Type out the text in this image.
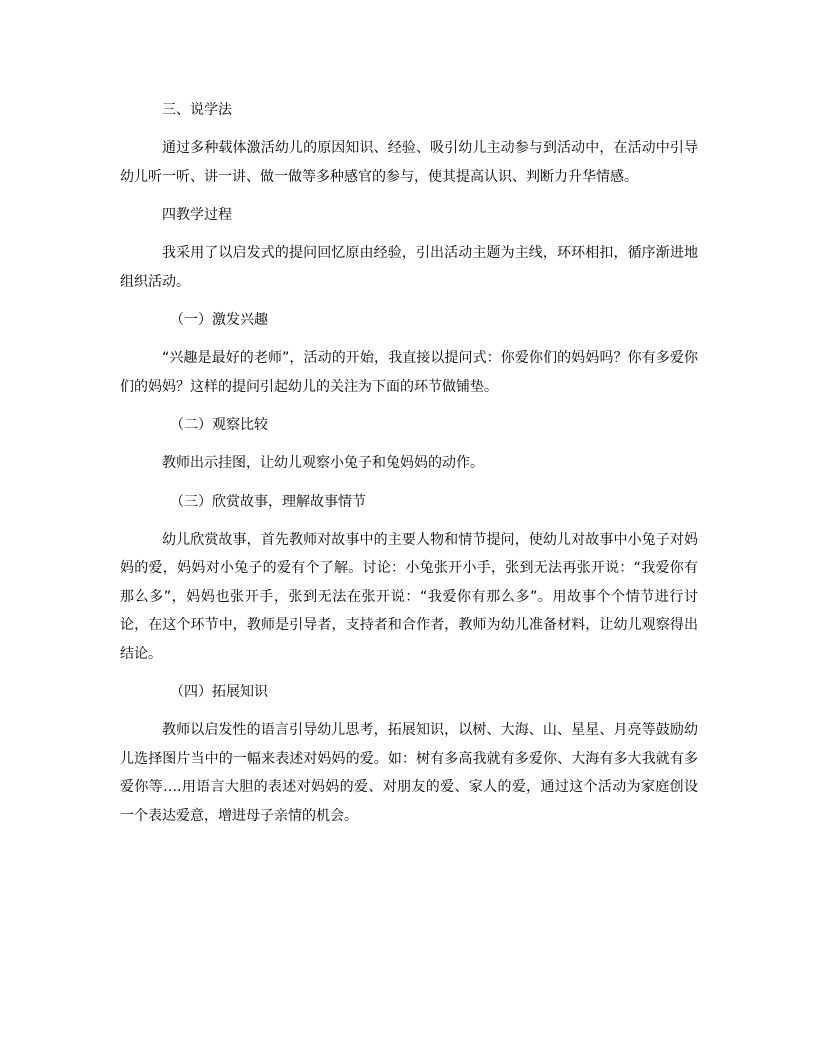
三、说学法

通过多种载体激活幼儿的原因知识、经验、吸引幼儿主动参与到活动中，在活动中引导幼儿听一听、讲一讲、做一做等多种感官的参与，使其提高认识、判断力升华情感。

四教学过程

我采用了以启发式的提问回忆原由经验，引出活动主题为主线，环环相扣，循序渐进地组织活动。

（一）激发兴趣

“兴趣是最好的老师”，活动的开始，我直接以提问式：你爱你们的妈妈吗？你有多爱你们的妈妈？这样的提问引起幼儿的关注为下面的环节做铺垫。

（二）观察比较

教师出示挂图，让幼儿观察小兔子和兔妈妈的动作。

（三）欣赏故事，理解故事情节

幼儿欣赏故事，首先教师对故事中的主要人物和情节提问，使幼儿对故事中小兔子对妈妈的爱，妈妈对小兔子的爱有个了解。讨论：小兔张开小手，张到无法再张开说：“我爱你有那么多”，妈妈也张开手，张到无法在张开说：“我爱你有那么多”。用故事个个情节进行讨论，在这个环节中，教师是引导者，支持者和合作者，教师为幼儿准备材料，让幼儿观察得出结论。

（四）拓展知识

教师以启发性的语言引导幼儿思考，拓展知识，以树、大海、山、星星、月亮等鼓励幼儿选择图片当中的一幅来表述对妈妈的爱。如：树有多高我就有多爱你、大海有多大我就有多爱你等….用语言大胆的表述对妈妈的爱、对朋友的爱、家人的爱，通过这个活动为家庭创设一个表达爱意，增进母子亲情的机会。
